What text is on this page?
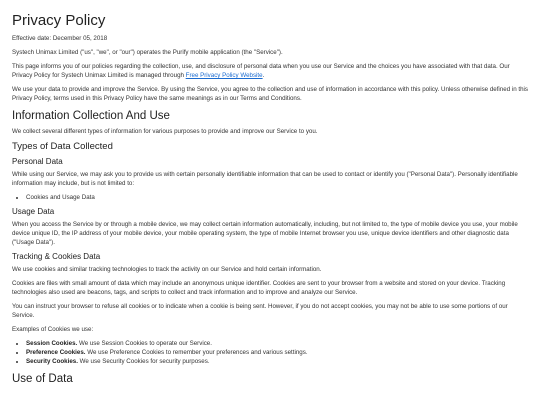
Privacy Policy

Effective date: December 05, 2018

Systech Unimax Limited ("us", "we", or "our") operates the Purify mobile application (the "Service").

This page informs you of our policies regarding the collection, use, and disclosure of personal data when you use our Service and the choices you have associated with that data. Our Privacy Policy for Systech Unimax Limited is managed through Free Privacy Policy Website.

We use your data to provide and improve the Service. By using the Service, you agree to the collection and use of information in accordance with this policy. Unless otherwise defined in this Privacy Policy, terms used in this Privacy Policy have the same meanings as in our Terms and Conditions.

Information Collection And Use

We collect several different types of information for various purposes to provide and improve our Service to you.

Types of Data Collected
Personal Data

While using our Service, we may ask you to provide us with certain personally identifiable information that can be used to contact or identify you ("Personal Data"). Personally identifiable information may include, but is not limited to:

• Cookies and Usage Data
Usage Data

When you access the Service by or through a mobile device, we may collect certain information automatically, including, but not limited to, the type of mobile device you use, your mobile device unique ID, the IP address of your mobile device, your mobile operating system, the type of mobile Internet browser you use, unique device identifiers and other diagnostic data ("Usage Data").

Tracking & Cookies Data

We use cookies and similar tracking technologies to track the activity on our Service and hold certain information.

Cookies are files with small amount of data which may include an anonymous unique identifier. Cookies are sent to your browser from a website and stored on your device. Tracking technologies also used are beacons, tags, and scripts to collect and track information and to improve and analyze our Service.

You can instruct your browser to refuse all cookies or to indicate when a cookie is being sent. However, if you do not accept cookies, you may not be able to use some portions of our Service.

Examples of Cookies we use:

• Session Cookies. We use Session Cookies to operate our Service.
• Preference Cookies. We use Preference Cookies to remember your preferences and various settings.
• Security Cookies. We use Security Cookies for security purposes.
Use of Data
